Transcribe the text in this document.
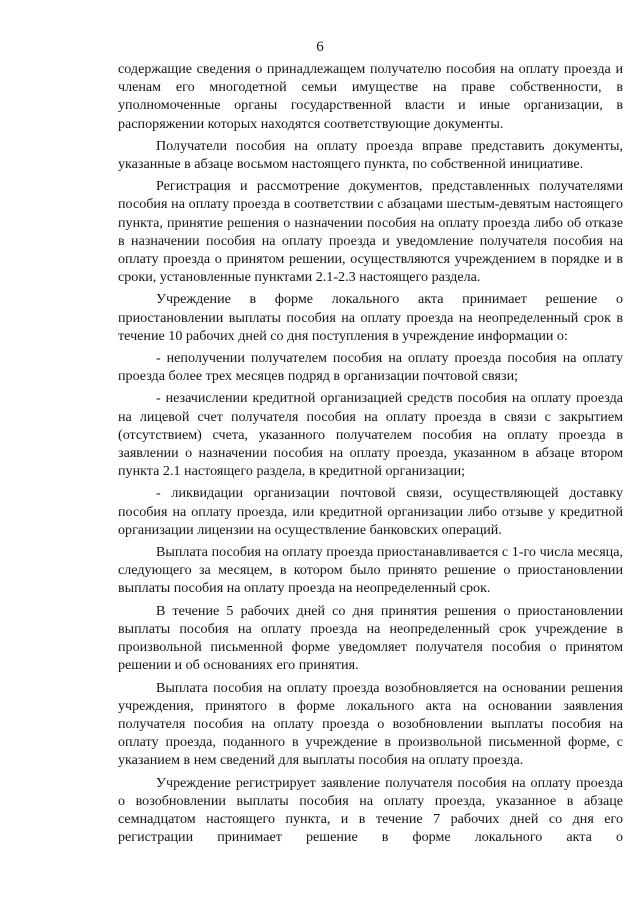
6

содержащие сведения о принадлежащем получателю пособия на оплату проезда и членам его многодетной семьи имуществе на праве собственности, в уполномоченные органы государственной власти и иные организации, в распоряжении которых находятся соответствующие документы.

Получатели пособия на оплату проезда вправе представить документы, указанные в абзаце восьмом настоящего пункта, по собственной инициативе.

Регистрация и рассмотрение документов, представленных получателями пособия на оплату проезда в соответствии с абзацами шестым-девятым настоящего пункта, принятие решения о назначении пособия на оплату проезда либо об отказе в назначении пособия на оплату проезда и уведомление получателя пособия на оплату проезда о принятом решении, осуществляются учреждением в порядке и в сроки, установленные пунктами 2.1-2.3 настоящего раздела.

Учреждение в форме локального акта принимает решение о приостановлении выплаты пособия на оплату проезда на неопределенный срок в течение 10 рабочих дней со дня поступления в учреждение информации о:

- неполучении получателем пособия на оплату проезда пособия на оплату проезда более трех месяцев подряд в организации почтовой связи;

- незачислении кредитной организацией средств пособия на оплату проезда на лицевой счет получателя пособия на оплату проезда в связи с закрытием (отсутствием) счета, указанного получателем пособия на оплату проезда в заявлении о назначении пособия на оплату проезда, указанном в абзаце втором пункта 2.1 настоящего раздела, в кредитной организации;

- ликвидации организации почтовой связи, осуществляющей доставку пособия на оплату проезда, или кредитной организации либо отзыве у кредитной организации лицензии на осуществление банковских операций.

Выплата пособия на оплату проезда приостанавливается с 1-го числа месяца, следующего за месяцем, в котором было принято решение о приостановлении выплаты пособия на оплату проезда на неопределенный срок.

В течение 5 рабочих дней со дня принятия решения о приостановлении выплаты пособия на оплату проезда на неопределенный срок учреждение в произвольной письменной форме уведомляет получателя пособия о принятом решении и об основаниях его принятия.

Выплата пособия на оплату проезда возобновляется на основании решения учреждения, принятого в форме локального акта на основании заявления получателя пособия на оплату проезда о возобновлении выплаты пособия на оплату проезда, поданного в учреждение в произвольной письменной форме, с указанием в нем сведений для выплаты пособия на оплату проезда.

Учреждение регистрирует заявление получателя пособия на оплату проезда о возобновлении выплаты пособия на оплату проезда, указанное в абзаце семнадцатом настоящего пункта, и в течение 7 рабочих дней со дня его регистрации принимает решение в форме локального акта о
